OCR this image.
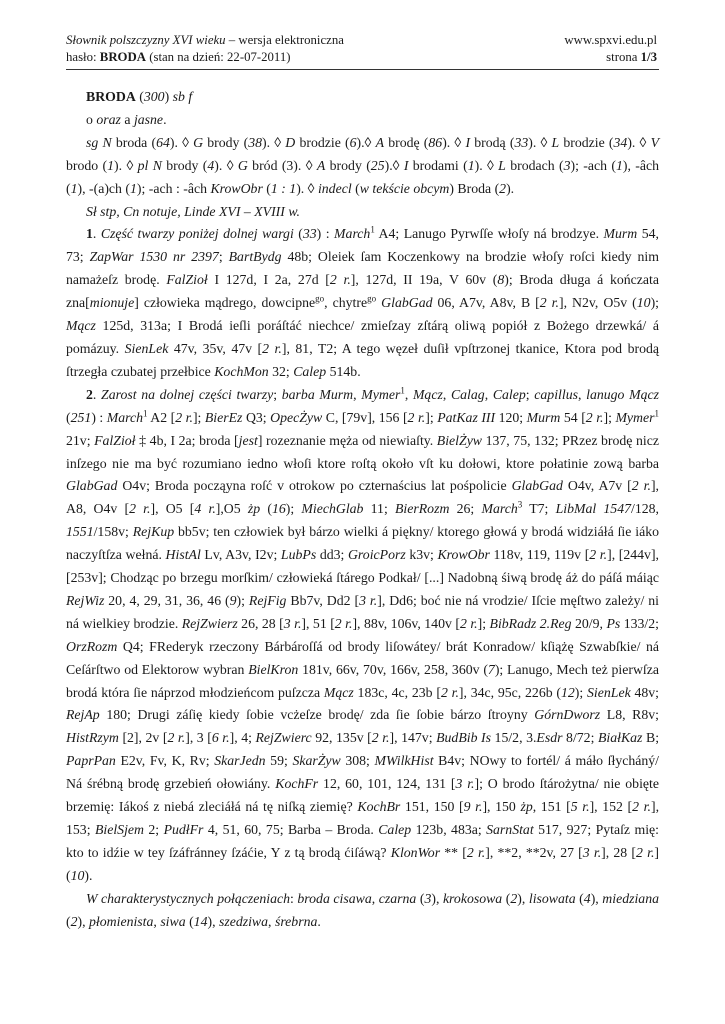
Słownik polszczyzny XVI wieku – wersja elektroniczna	www.spxvi.edu.pl
hasło: BRODA (stan na dzień: 22-07-2011)	strona 1/3

BRODA (300) sb f

o oraz a jasne.

sg N broda (64). ◊ G brody (38). ◊ D brodzie (6).◊ A brodę (86). ◊ I brodą (33). ◊ L brodzie (34). ◊ V brodo (1). ◊ pl N brody (4). ◊ G bród (3). ◊ A brody (25).◊ I brodami (1). ◊ L brodach (3); -ach (1), -âch (1), -(a)ch (1); -ach : -âch KrowObr (1 : 1). ◊ indecl (w tekście obcym) Broda (2).

Sł stp, Cn notuje, Linde XVI – XVIII w.

1. Część twarzy poniżej dolnej wargi (33) : March$^1$ A4; Lanugo Pyrwſſe włoſy ná brodzye. Murm 54, 73; ZapWar 1530 nr 2397; BartBydg 48b; Oleiek ſam Koczenkowy na brodzie włoſy roſci kiedy nim namażeſz brodę. FalZioł I 127d, I 2a, 27d [2 r.], 127d, II 19a, V 60v (8); Broda długa á kończata zna[mionuje] człowieka mądrego, dowcipne$^{go}$, chytre$^{go}$ GlabGad 06, A7v, A8v, B [2 r.], N2v, O5v (10); Mącz 125d, 313a; I Brodá ieſli poráſtáć niechce/ zmieſzay zſtárą oliwą popiół z Bożego drzewká/ á pomázuy. SienLek 47v, 35v, 47v [2 r.], 81, T2; A tego węzeł duſił vpſtrzonej tkanice, Ktora pod brodą ſtrzegła czubatej przełbice KochMon 32; Calep 514b.

2. Zarost na dolnej części twarzy; barba Murm, Mymer$^1$, Mącz, Calag, Calep; capillus, lanugo Mącz (251) : March$^1$ A2 [2 r.]; BierEz Q3; OpecŻyw C, [79v], 156 [2 r.]; PatKaz III 120; Murm 54 [2 r.]; Mymer$^1$ 21v; FalZioł ‡ 4b, I 2a; broda [jest] rozeznanie męża od niewiaſty. BielŻyw 137, 75, 132; PRzez brodę nicz inſzego nie ma być rozumiano iedno włoſi ktore roſtą około vſt ku dołowi, ktore połatinie zową barba GlabGad O4v; Broda począyna roſć v otrokow po czternaścius lat pośpolicie GlabGad O4v, A7v [2 r.], A8, O4v [2 r.], O5 [4 r.],O5 żp (16); MiechGlab 11; BierRozm 26; March$^3$ T7; LibMal 1547/128, 1551/158v; RejKup bb5v; ten człowiek był bárzo wielki á pięknу/ ktorego głowá y brodá widziáłá ſie iáko naczyſtſza wełná. HistAl Lv, A3v, I2v; LubPs dd3; GroicPorz k3v; KrowObr 118v, 119, 119v [2 r.], [244v], [253v]; Chodząc po brzegu morſkim/ człowieká ſtárego Podkał/ [...] Nadobną śiwą brodę áż do páſá máiąc RejWiz 20, 4, 29, 31, 36, 46 (9); RejFig Bb7v, Dd2 [3 r.], Dd6; boć nie ná vrodzie/ Iſcie męſtwo zależy/ ni ná wielkiey brodzie. RejZwierz 26, 28 [3 r.], 51 [2 r.], 88v, 106v, 140v [2 r.]; BibRadz 2.Reg 20/9, Ps 133/2; OrzRozm Q4; FRederyk rzeczony Bárbároſſá od brody liſowátey/ brát Konradow/ kſiążę Szwabſkie/ ná Ceſárſtwo od Elektorow wybran BielKron 181v, 66v, 70v, 166v, 258, 360v (7); Lanugo, Mech też pierwſza brodá która ſie náprzod młodzieńcom puſzcza Mącz 183c, 4c, 23b [2 r.], 34c, 95c, 226b (12); SienLek 48v; RejAp 180; Drugi záſię kiedy ſobie vcżeſze brodę/ zda ſie ſobie bárzo ſtroyny GórnDworz L8, R8v; HistRzym [2], 2v [2 r.], 3 [6 r.], 4; RejZwierc 92, 135v [2 r.], 147v; BudBib Is 15/2, 3.Esdr 8/72; BiałKaz B; PaprPan E2v, Fv, K, Rv; SkarJedn 59; SkarŻyw 308; MWilkHist B4v; NOwy to fortél/ á máło ſłycháný/ Ná śrébną brodę grzebień ołowiány. KochFr 12, 60, 101, 124, 131 [3 r.]; O brodo ſtárożytna/ nie obięte brzemię: Iákoś z niebá zleciáłá ná tę niſką ziemię? KochBr 151, 150 [9 r.], 150 żp, 151 [5 r.], 152 [2 r.], 153; BielSjem 2; PudłFr 4, 51, 60, 75; Barba – Broda. Calep 123b, 483a; SarnStat 517, 927; Pytaſz mię: kto to idźie w tey ſzáfránney ſzáćie, Y z tą brodą ćiſáwą? KlonWor ** [2 r.], **2, **2v, 27 [3 r.], 28 [2 r.] (10).

W charakterystycznych połączeniach: broda cisawa, czarna (3), krokosowa (2), lisowata (4), miedziana (2), płomienista, siwa (14), szedziwa, śrebrna.
